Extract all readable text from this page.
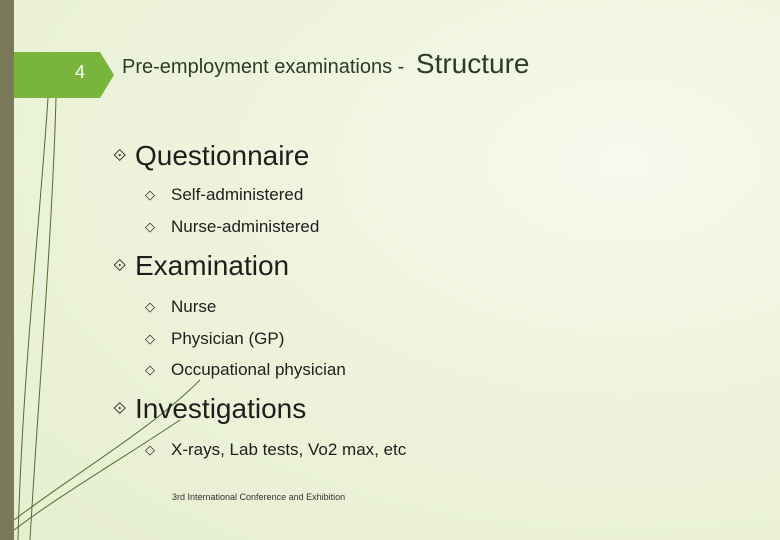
4 Pre-employment examinations - Structure
⟐ Questionnaire
◇ Self-administered
◇ Nurse-administered
⟐ Examination
◇ Nurse
◇ Physician (GP)
◇ Occupational physician
⟐ Investigations
◇ X-rays, Lab tests, Vo2 max, etc
3rd International Conference and Exhibition
